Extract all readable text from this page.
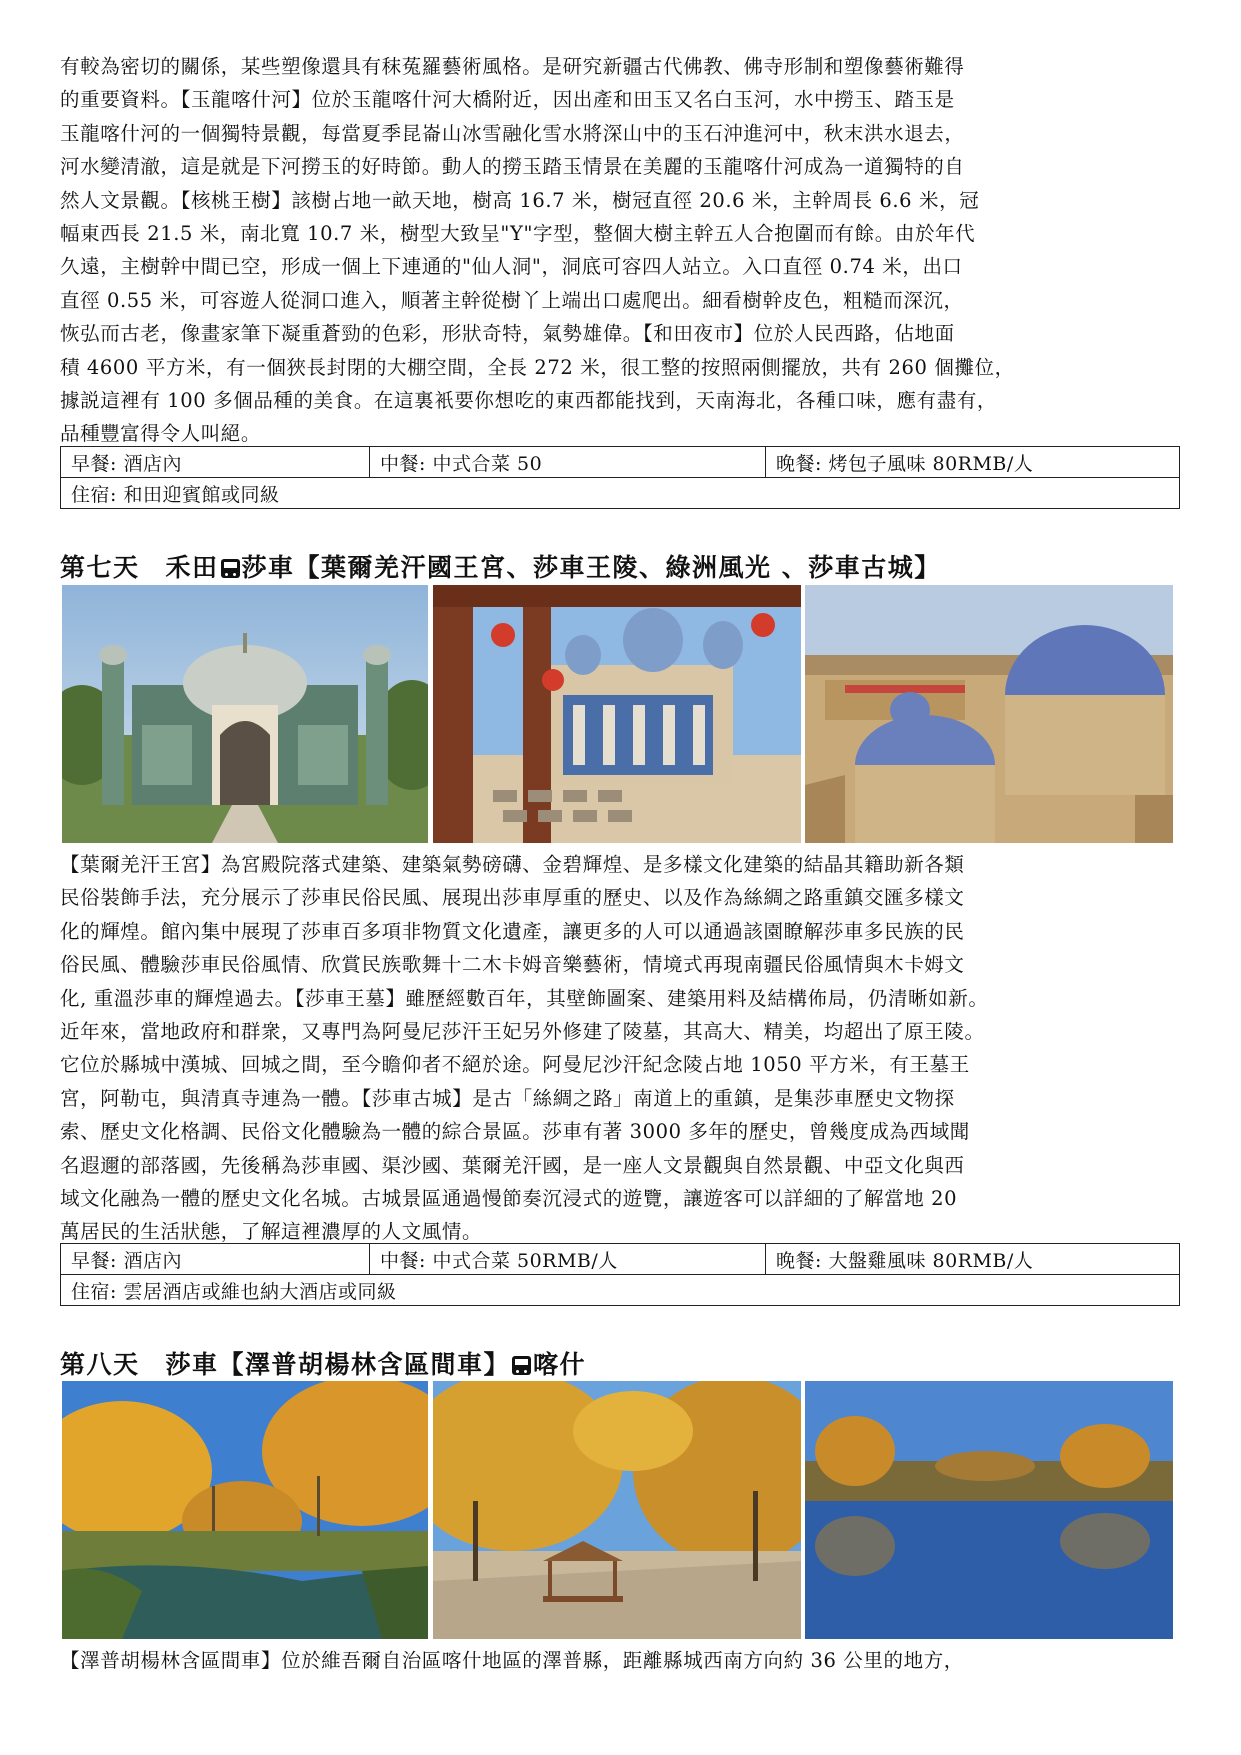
有較為密切的關係，某些塑像還具有秣菟羅藝術風格。是研究新疆古代佛教、佛寺形制和塑像藝術難得
的重要資料。【玉龍喀什河】位於玉龍喀什河大橋附近，因出產和田玉又名白玉河，水中撈玉、踏玉是
玉龍喀什河的一個獨特景觀，每當夏季昆崙山冰雪融化雪水將深山中的玉石沖進河中，秋末洪水退去，
河水變清澈，這是就是下河撈玉的好時節。動人的撈玉踏玉情景在美麗的玉龍喀什河成為一道獨特的自
然人文景觀。【核桃王樹】該樹占地一畝天地，樹高 16.7 米，樹冠直徑 20.6 米，主幹周長 6.6 米，冠
幅東西長 21.5 米，南北寬 10.7 米，樹型大致呈"Y"字型，整個大樹主幹五人合抱圍而有餘。由於年代
久遠，主樹幹中間已空，形成一個上下連通的"仙人洞"，洞底可容四人站立。入口直徑 0.74 米，出口
直徑 0.55 米，可容遊人從洞口進入，順著主幹從樹丫上端出口處爬出。細看樹幹皮色，粗糙而深沉，
恢弘而古老，像畫家筆下凝重蒼勁的色彩，形狀奇特，氣勢雄偉。【和田夜市】位於人民西路，佔地面
積 4600 平方米，有一個狹長封閉的大棚空間，全長 272 米，很工整的按照兩側擺放，共有 260 個攤位，
據説這裡有 100 多個品種的美食。在這裏衹要你想吃的東西都能找到，天南海北，各種口味，應有盡有，
品種豐富得令人叫絕。

早餐: 酒店內	中餐: 中式合菜 50	晚餐: 烤包子風味 80RMB/人
住宿: 和田迎賓館或同級
第七天 禾田 莎車【葉爾羌汗國王宮、莎車王陵、綠洲風光 、莎車古城】

【葉爾羌汗王宮】為宮殿院落式建築、建築氣勢磅礴、金碧輝煌、是多樣文化建築的結晶其籍助新各類
民俗裝飾手法，充分展示了莎車民俗民風、展現出莎車厚重的歷史、以及作為絲綢之路重鎮交匯多樣文
化的輝煌。館內集中展現了莎車百多項非物質文化遺產，讓更多的人可以通過該園瞭解莎車多民族的民
俗民風、體驗莎車民俗風情、欣賞民族歌舞十二木卡姆音樂藝術，情境式再現南疆民俗風情與木卡姆文
化, 重溫莎車的輝煌過去。【莎車王墓】雖歷經數百年，其壁飾圖案、建築用料及結構佈局，仍清晰如新。
近年來，當地政府和群衆，又專門為阿曼尼莎汗王妃另外修建了陵墓，其高大、精美，均超出了原王陵。
它位於縣城中漢城、回城之間，至今瞻仰者不絕於途。阿曼尼沙汗紀念陵占地 1050 平方米，有王墓王
宮，阿勒屯，與清真寺連為一體。【莎車古城】是古「絲綢之路」南道上的重鎮，是集莎車歷史文物探
索、歷史文化格調、民俗文化體驗為一體的綜合景區。莎車有著 3000 多年的歷史，曾幾度成為西域聞
名遐邇的部落國，先後稱為莎車國、渠沙國、葉爾羌汗國，是一座人文景觀與自然景觀、中亞文化與西
域文化融為一體的歷史文化名城。古城景區通過慢節奏沉浸式的遊覽，讓遊客可以詳細的了解當地 20
萬居民的生活狀態，了解這裡濃厚的人文風情。

早餐: 酒店內	中餐: 中式合菜 50RMB/人	晚餐: 大盤雞風味 80RMB/人
住宿: 雲居酒店或維也納大酒店或同級
第八天 莎車【澤普胡楊林含區間車】 喀什

【澤普胡楊林含區間車】位於維吾爾自治區喀什地區的澤普縣，距離縣城西南方向約 36 公里的地方，
